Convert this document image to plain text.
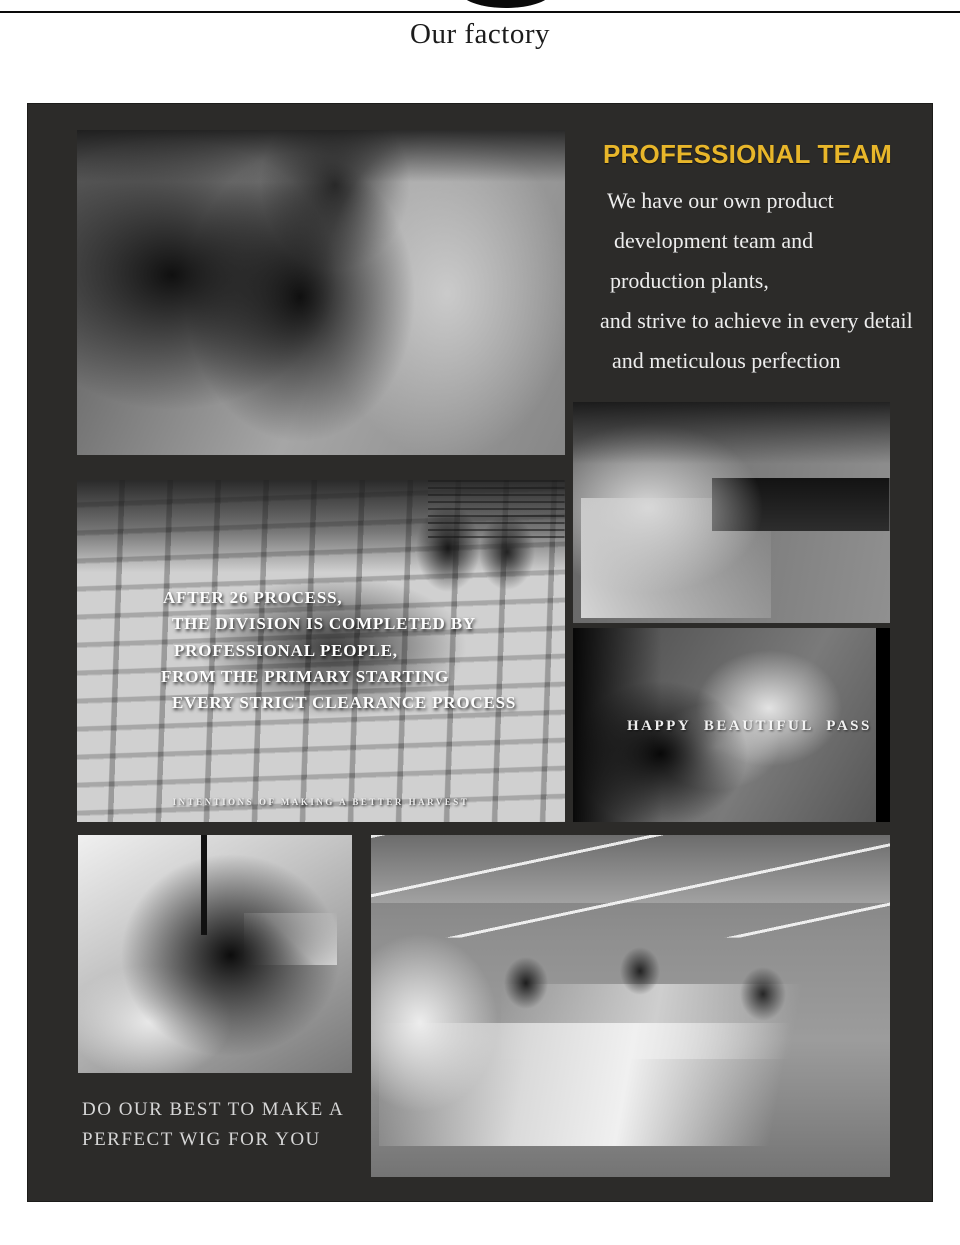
Our factory
PROFESSIONAL TEAM
We have our own product
development team and
production plants,
and strive to achieve in every detail
and meticulous perfection
AFTER 26 PROCESS,
THE DIVISION IS COMPLETED BY
PROFESSIONAL PEOPLE,
FROM THE PRIMARY STARTING
EVERY STRICT CLEARANCE PROCESS
INTENTIONS OF MAKING A BETTER HARVEST
HAPPY BEAUTIFUL PASS
DO OUR BEST TO MAKE A
PERFECT WIG FOR YOU
